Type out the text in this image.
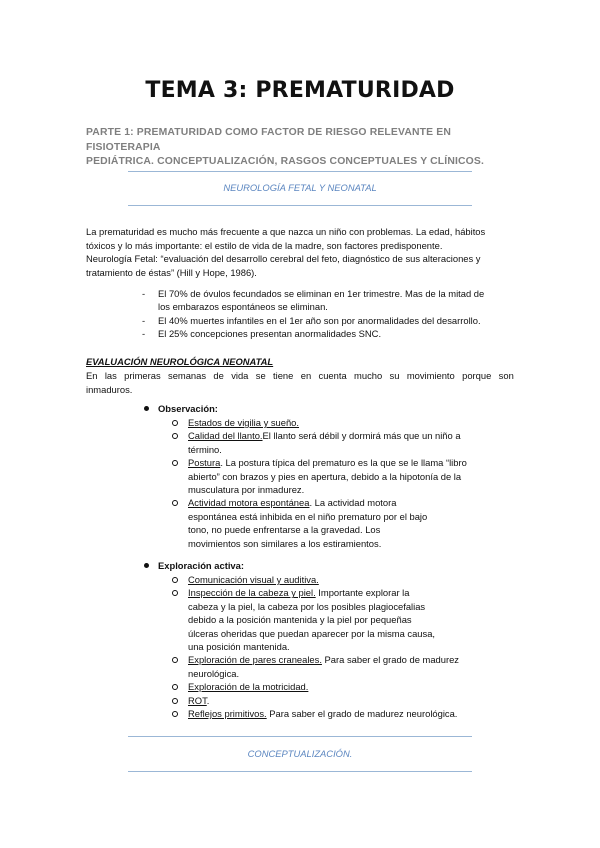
TEMA 3: PREMATURIDAD
PARTE 1: PREMATURIDAD COMO FACTOR DE RIESGO RELEVANTE EN FISIOTERAPIA
PEDIÁTRICA. CONCEPTUALIZACIÓN, RASGOS CONCEPTUALES Y CLÍNICOS.
NEUROLOGÍA FETAL Y NEONATAL
La prematuridad es mucho más frecuente a que nazca un niño con problemas. La edad, hábitos
tóxicos y lo más importante: el estilo de vida de la madre, son factores predisponente.
Neurología Fetal: “evaluación del desarrollo cerebral del feto, diagnóstico de sus alteraciones y
tratamiento de éstas” (Hill y Hope, 1986).
- El 70% de óvulos fecundados se eliminan en 1er trimestre. Mas de la mitad de
los embarazos espontáneos se eliminan.
- El 40% muertes infantiles en el 1er año son por anormalidades del desarrollo.
- El 25% concepciones presentan anormalidades SNC.
EVALUACIÓN NEUROLÓGICA NEONATAL
En las primeras semanas de vida se tiene en cuenta mucho su movimiento porque son
inmaduros.
Observación:
Estados de vigilia y sueño.
Calidad del llanto.El llanto será débil y dormirá más que un niño a
término.
Postura. La postura típica del prematuro es la que se le llama “libro
abierto” con brazos y pies en apertura, debido a la hipotonía de la
musculatura por inmadurez.
Actividad motora espontánea. La actividad motora
espontánea está inhibida en el niño prematuro por el bajo
tono, no puede enfrentarse a la gravedad. Los
movimientos son similares a los estiramientos.
Exploración activa:
Comunicación visual y auditiva.
Inspección de la cabeza y piel. Importante explorar la
cabeza y la piel, la cabeza por los posibles plagiocefalias
debido a la posición mantenida y la piel por pequeñas
úlceras oheridas que puedan aparecer por la misma causa,
una posición mantenida.
Exploración de pares craneales. Para saber el grado de madurez
neurológica.
Exploración de la motricidad.
ROT.
Reflejos primitivos. Para saber el grado de madurez neurológica.
CONCEPTUALIZACIÓN.
